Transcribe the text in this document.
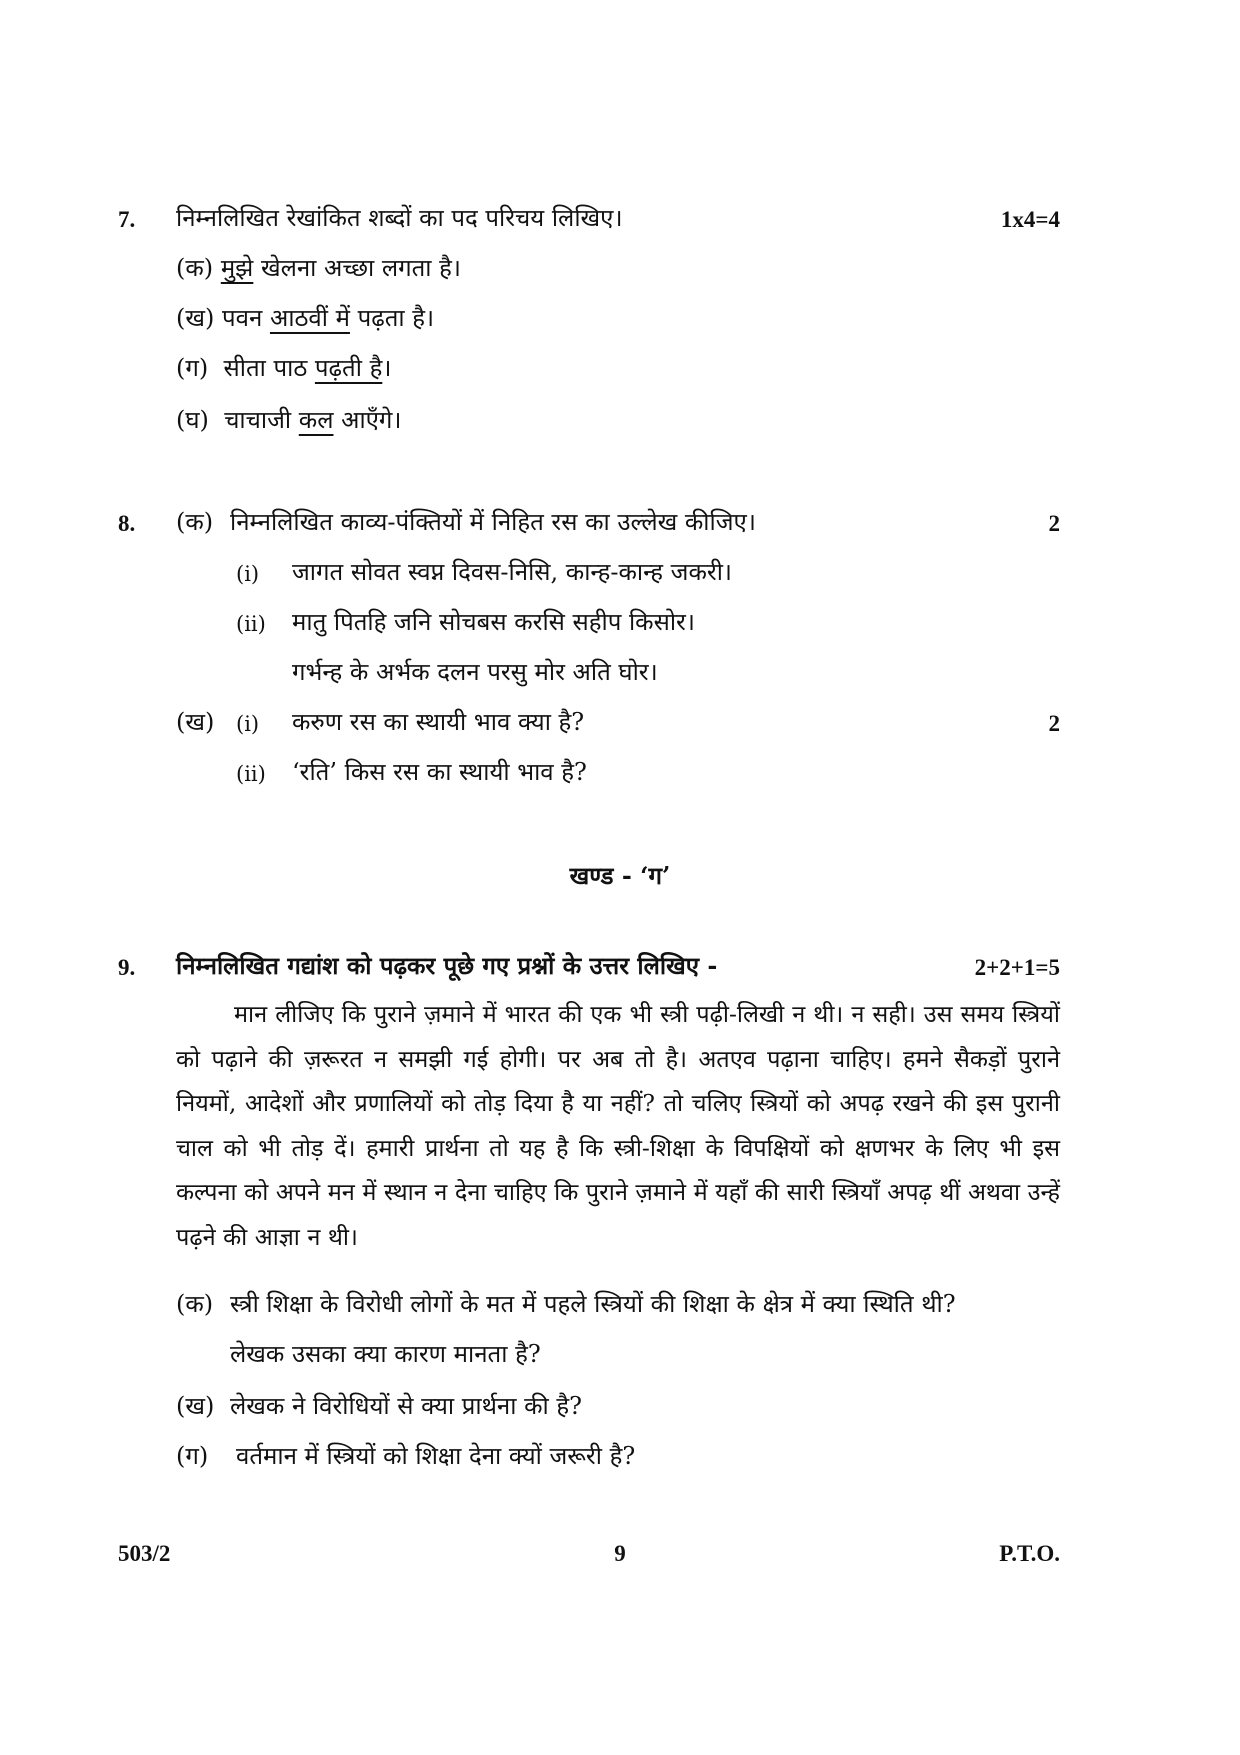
7. निम्नलिखित रेखांकित शब्दों का पद परिचय लिखिए।	1x4=4
(क) मुझे खेलना अच्छा लगता है।
(ख) पवन आठवीं में पढ़ता है।
(ग) सीता पाठ पढ़ती है।
(घ) चाचाजी कल आएँगे।
8. (क) निम्नलिखित काव्य-पंक्तियों में निहित रस का उल्लेख कीजिए।	2
(i) जागत सोवत स्वप्न दिवस-निसि, कान्ह-कान्ह जकरी।
(ii) मातु पितहि जनि सोचबस करसि सहीप किसोर।
गर्भन्ह के अर्भक दलन परसु मोर अति घोर।
(ख) (i) करुण रस का स्थायी भाव क्या है?	2
(ii) ‘रति’ किस रस का स्थायी भाव है?
खण्ड - ‘ग’
9. निम्नलिखित गद्यांश को पढ़कर पूछे गए प्रश्नों के उत्तर लिखिए -	2+2+1=5
मान लीजिए कि पुराने ज़माने में भारत की एक भी स्त्री पढ़ी-लिखी न थी। न सही। उस समय स्त्रियों को पढ़ाने की ज़रूरत न समझी गई होगी। पर अब तो है। अतएव पढ़ाना चाहिए। हमने सैकड़ों पुराने नियमों, आदेशों और प्रणालियों को तोड़ दिया है या नहीं? तो चलिए स्त्रियों को अपढ़ रखने की इस पुरानी चाल को भी तोड़ दें। हमारी प्रार्थना तो यह है कि स्त्री-शिक्षा के विपक्षियों को क्षणभर के लिए भी इस कल्पना को अपने मन में स्थान न देना चाहिए कि पुराने ज़माने में यहाँ की सारी स्त्रियाँ अपढ़ थीं अथवा उन्हें पढ़ने की आज्ञा न थी।
(क) स्त्री शिक्षा के विरोधी लोगों के मत में पहले स्त्रियों की शिक्षा के क्षेत्र में क्या स्थिति थी?
लेखक उसका क्या कारण मानता है?
(ख) लेखक ने विरोधियों से क्या प्रार्थना की है?
(ग) वर्तमान में स्त्रियों को शिक्षा देना क्यों जरूरी है?
503/2	9	P.T.O.
